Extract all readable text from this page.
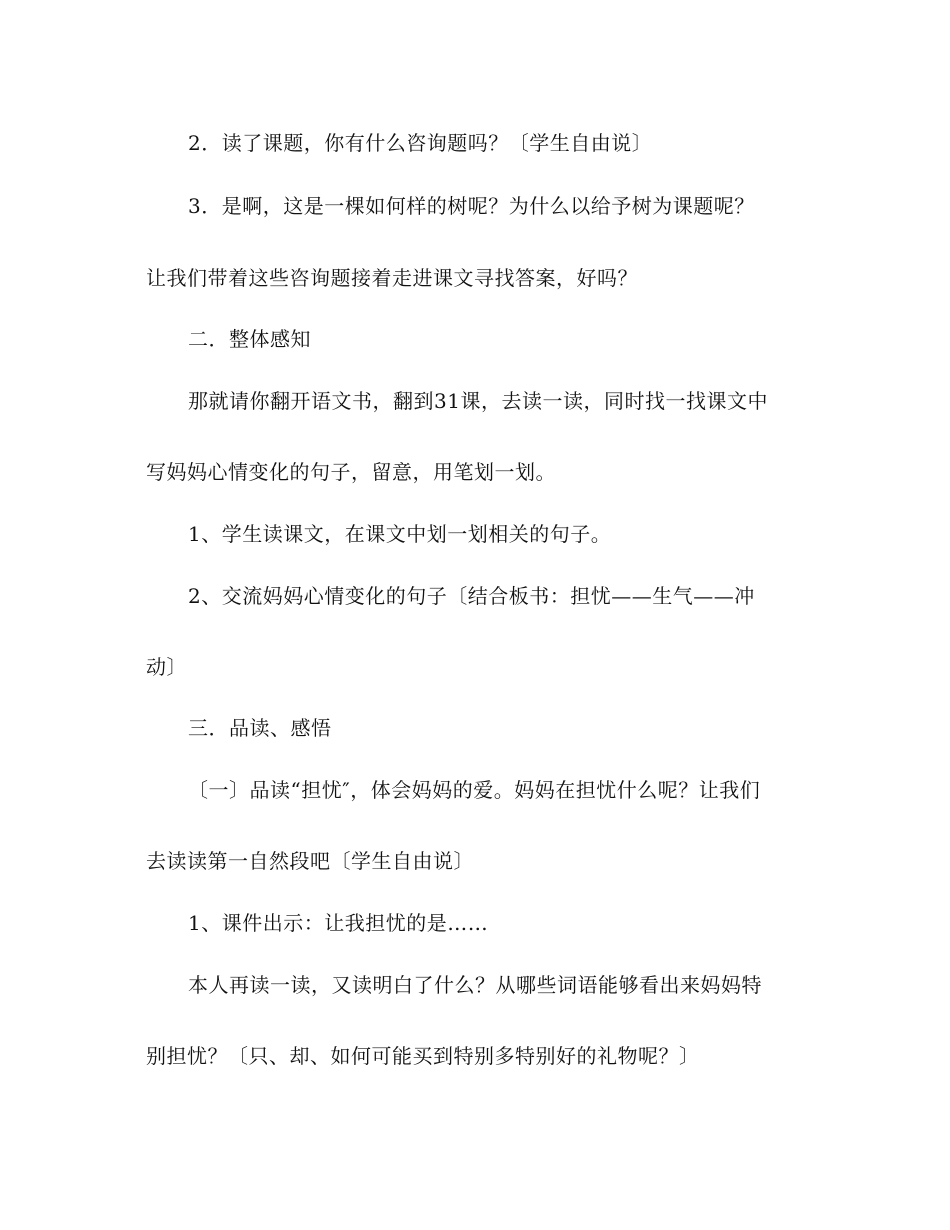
2．读了课题，你有什么咨询题吗？〔学生自由说〕
3．是啊，这是一棵如何样的树呢？为什么以给予树为课题呢？
让我们带着这些咨询题接着走进课文寻找答案，好吗？
二．整体感知
那就请你翻开语文书，翻到31课，去读一读，同时找一找课文中
写妈妈心情变化的句子，留意，用笔划一划。
1、学生读课文，在课文中划一划相关的句子。
2、交流妈妈心情变化的句子〔结合板书：担忧——生气——冲
动〕
三．品读、感悟
〔一〕品读“担忧″，体会妈妈的爱。妈妈在担忧什么呢？让我们
去读读第一自然段吧〔学生自由说〕
1、课件出示：让我担忧的是……
本人再读一读，又读明白了什么？从哪些词语能够看出来妈妈特
别担忧？〔只、却、如何可能买到特别多特别好的礼物呢？〕
